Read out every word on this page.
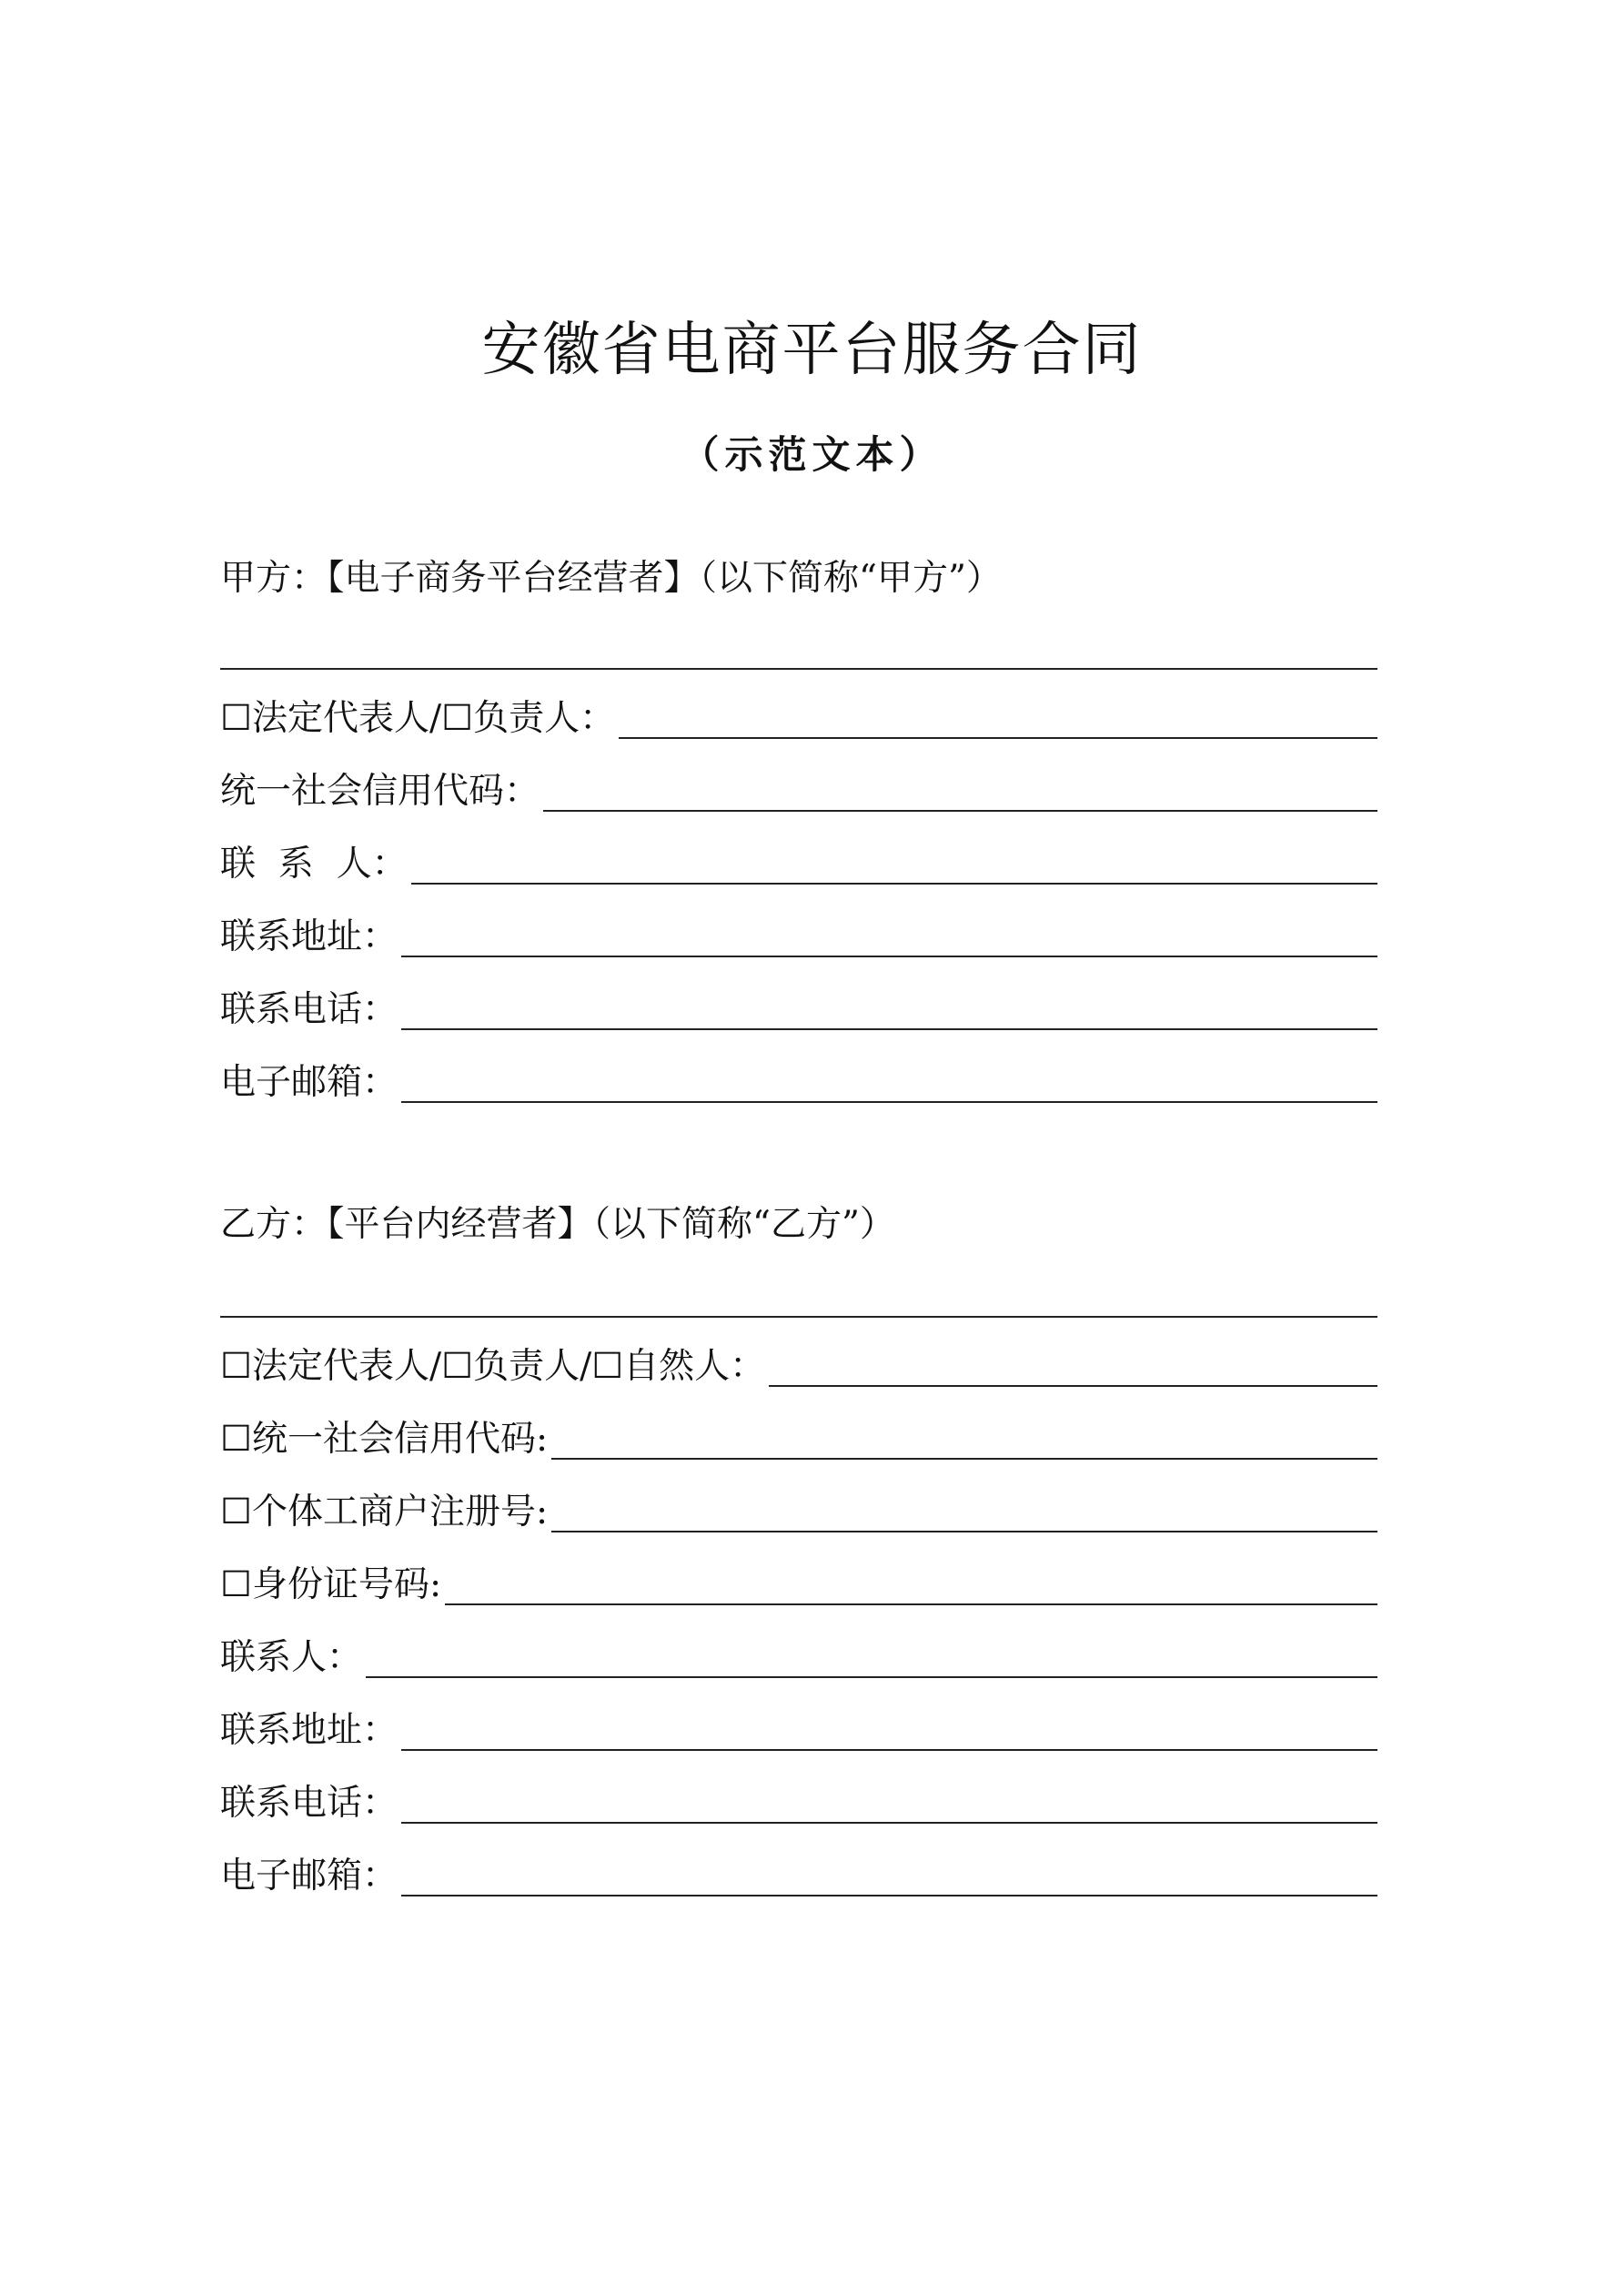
安徽省电商平台服务合同
（示范文本）
甲方：【电子商务平台经营者】（以下简称“甲方”）
☐法定代表人/☐负责人：
统一社会信用代码：
联  系  人：
联系地址：
联系电话：
电子邮箱：
乙方：【平台内经营者】（以下简称“乙方”）
☐法定代表人/☐负责人/☐自然人：
☐统一社会信用代码:
☐个体工商户注册号:
☐身份证号码:
联系人：
联系地址：
联系电话：
电子邮箱：
